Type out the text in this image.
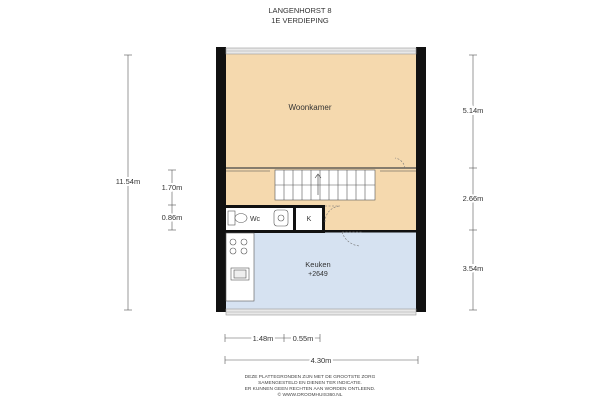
LANGENHORST 8
1E VERDIEPING
Woonkamer
Wc	K
Keuken
+2649
11.54m
1.70m
0.86m
5.14m
2.66m
3.54m
1.48m	0.55m
4.30m
DEZE PLATTEGRONDEN ZIJN MET DE GROOTSTE ZORG
SAMENGESTELD EN DIENEN TER INDICATIE.
ER KUNNEN GEEN RECHTEN AAN WORDEN ONTLEEND.
© WWW.DROOMHUIS360.NL
